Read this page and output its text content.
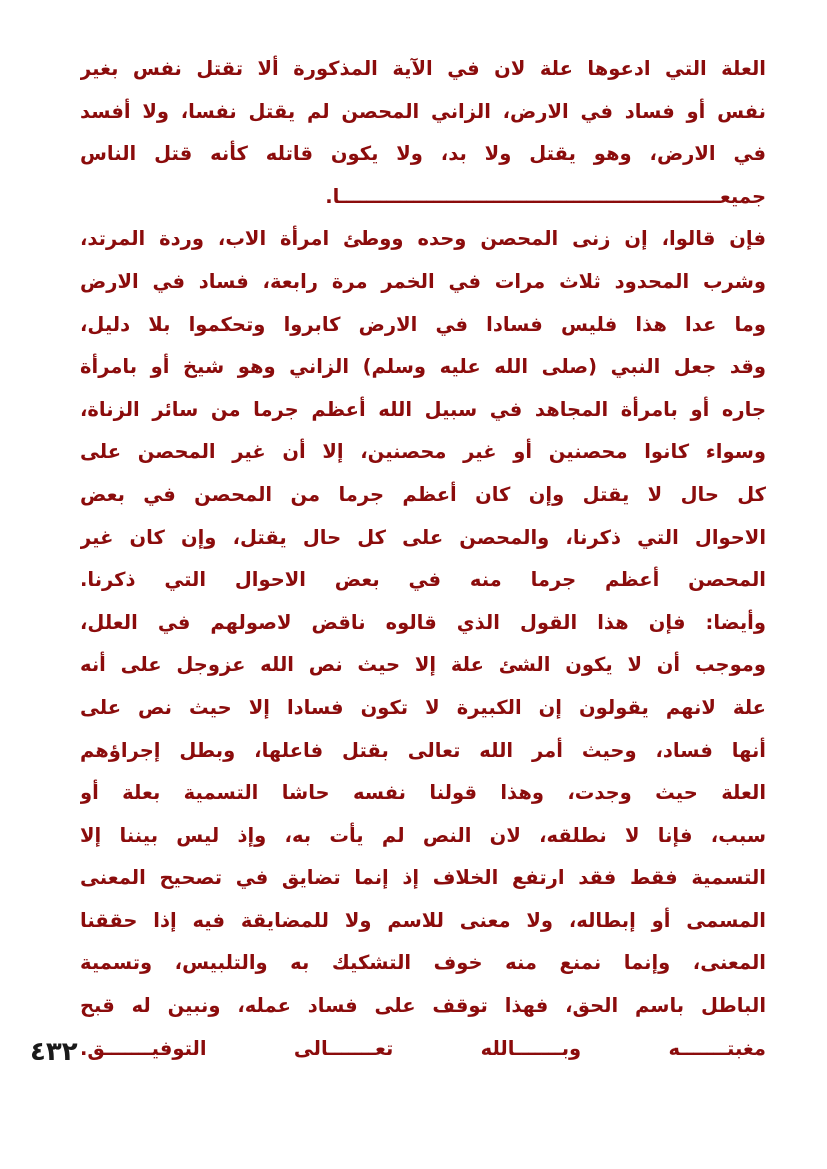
العلة التي ادعوها علة لان في الآية المذكورة ألا تقتل نفس بغير
نفس أو فساد في الارض، الزاني المحصن لم يقتل نفسا، ولا أفسد
في الارض، وهو يقتل ولا بد، ولا يكون قاتله كأنه قتل الناس
جميعـــــــــــــــــــــــــــــــــــــــــــــــــــــــــا.
فإن قالوا، إن زنى المحصن وحده ووطئ امرأة الاب، وردة المرتد،
وشرب المحدود ثلاث مرات في الخمر مرة رابعة، فساد في الارض
وما عدا هذا فليس فسادا في الارض كابروا وتحكموا بلا دليل،
وقد جعل النبي (صلى الله عليه وسلم) الزاني وهو شيخ أو بامرأة
جاره أو بامرأة المجاهد في سبيل الله أعظم جرما من سائر الزناة،
وسواء كانوا محصنين أو غير محصنين، إلا أن غير المحصن على
كل حال لا يقتل وإن كان أعظم جرما من المحصن في بعض
الاحوال التي ذكرنا، والمحصن على كل حال يقتل، وإن كان غير
المحصن أعظم جرما منه في بعض الاحوال التي ذكرنا.
وأيضا: فإن هذا القول الذي قالوه ناقض لاصولهم في العلل،
وموجب أن لا يكون الشئ علة إلا حيث نص الله عزوجل على أنه
علة لانهم يقولون إن الكبيرة لا تكون فسادا إلا حيث نص على
أنها فساد، وحيث أمر الله تعالى بقتل فاعلها، وبطل إجراؤهم
العلة حيث وجدت، وهذا قولنا نفسه حاشا التسمية بعلة أو
سبب، فإنا لا نطلقه، لان النص لم يأت به، وإذ ليس بيننا إلا
التسمية فقط فقد ارتفع الخلاف إذ إنما تضايق في تصحيح المعنى
المسمى أو إبطاله، ولا معنى للاسم ولا للمضايقة فيه إذا حققنا
المعنى، وإنما نمنع منه خوف التشكيك به والتلبيس، وتسمية
الباطل باسم الحق، فهذا توقف على فساد عمله، ونبين له قبح
مغبتـــــــه وبـــــــالله تعـــــــالى التوفيـــــــق.
٤٣٢
